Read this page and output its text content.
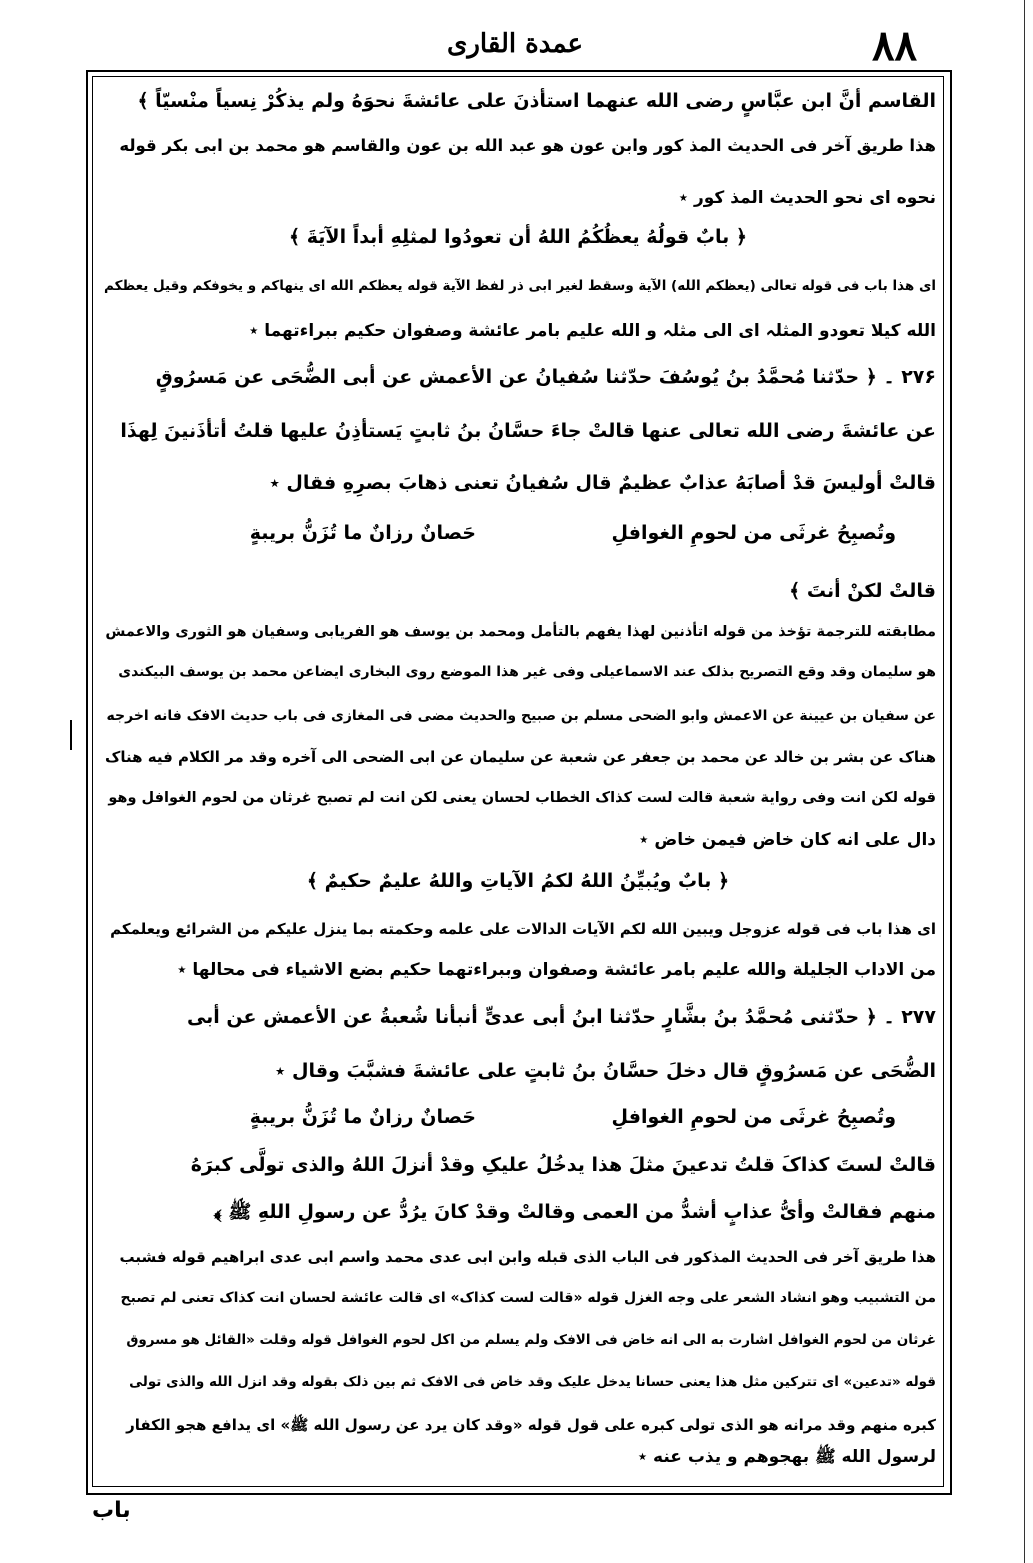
عمدة القاری	۸۸
القاسم أنَّ ابن عبَّاسٍ رضی الله عنهما استأذنَ علی عائشةَ نحوَهُ ولم یذکُرْ نِسیاً منْسیّاً ﴾
هذا طریق آخر فی الحدیث المذ کور وابن عون هو عبد الله بن عون والقاسم هو محمد بن ابی بکر قوله
نحوه ای نحو الحدیث المذ کور ٭
﴿ بابٌ قولُهُ یعظُکُمُ اللهُ أن تعودُوا لمثلِهِ أبداً الآیَةَ ﴾
ای هذا باب فی قوله تعالی (یعظکم الله) الآیة وسقط لغیر ابی ذر لفظ الآیة قوله یعظکم الله ای ینهاکم و یخوفکم وقیل یعظکم
الله کیلا تعودو المثلہ ای الی مثلہ و الله علیم بامر عائشة وصفوان حکیم ببراءتهما ٭
۲۷۶ ۔ ﴿ حدّثنا مُحمَّدُ بنُ یُوسُفَ حدّثنا سُفیانُ عن الأعمش عن أبی الضُّحَی عن مَسرُوقٍ
عن عائشةَ رضی الله تعالی عنها قالتْ جاءَ حسَّانُ بنُ ثابتٍ یَستأذِنُ علیها قلتُ أتأذَنینَ لِهذَا
قالتْ أولیسَ قدْ أصابَهُ عذابٌ عظیمٌ قال سُفیانُ تعنی ذهابَ بصرِهِ فقال ٭
حَصانٌ رزانٌ ما تُزَنُّ بریبةٍ	وتُصبِحُ غرثَی من لحومِ الغوافلِ
قالتْ لکنْ أنتَ ﴾
مطابقته للترجمة تؤخذ من قوله اتأذنین لهذا یفهم بالتأمل ومحمد بن یوسف هو الفریابی وسفیان هو الثوری والاعمش
هو سلیمان وقد وقع التصریح بذلک عند الاسماعیلی وفی غیر هذا الموضع روی البخاری ایضاعن محمد بن یوسف البیکندی
عن سفیان بن عیینة عن الاعمش وابو الضحی مسلم بن صبیح والحدیث مضی فی المغازی فی باب حدیث الافک فانه اخرجه
هناک عن بشر بن خالد عن محمد بن جعفر عن شعبة عن سلیمان عن ابی الضحی الی آخره وقد مر الکلام فیه هناک
قوله لکن انت وفی روایة شعبة قالت لست کذاک الخطاب لحسان یعنی لکن انت لم تصبح غرثان من لحوم الغوافل وهو
دال علی انه کان خاض فیمن خاض ٭
﴿ بابٌ ویُبیِّنُ اللهُ لکمُ الآیاتِ واللهُ علیمٌ حکیمٌ ﴾
ای هذا باب فی قوله عزوجل ویبین الله لکم الآیات الدالات علی علمه وحکمته بما ینزل علیکم من الشرائع ویعلمکم
من الاداب الجلیلة والله علیم بامر عائشة وصفوان وببراءتهما حکیم بضع الاشیاء فی محالها ٭
۲۷۷ ۔ ﴿ حدّثنی مُحمَّدُ بنُ بشَّارٍ حدّثنا ابنُ أبی عدیٍّ أنبأنا شُعبةُ عن الأعمش عن أبی
الضُّحَی عن مَسرُوقٍ قال دخلَ حسَّانُ بنُ ثابتٍ علی عائشةَ فشبَّبَ وقال ٭
حَصانٌ رزانٌ ما تُزَنُّ بریبةٍ	وتُصبِحُ غرثَی من لحومِ الغوافلِ
قالتْ لستَ کذاکَ قلتُ تدعینَ مثلَ هذا یدخُلُ علیکِ وقدْ أنزلَ اللهُ والذی تولَّی کبرَهُ
منهم فقالتْ وأیُّ عذابٍ أشدُّ من العمی وقالتْ وقدْ کانَ یرُدُّ عن رسولِ اللهِ ﷺ ﴾
هذا طریق آخر فی الحدیث المذکور فی الباب الذی قبله وابن ابی عدی محمد واسم ابی عدی ابراهیم قوله فشبب
من التشبیب وهو انشاد الشعر علی وجه الغزل قوله «قالت لست کذاک» ای قالت عائشة لحسان انت کذاک تعنی لم تصبح
غرثان من لحوم الغوافل اشارت به الی انه خاض فی الافک ولم یسلم من اکل لحوم الغوافل قوله وقلت «القائل هو مسروق
قوله «تدعین» ای تترکین مثل هذا یعنی حسانا یدخل علیک وقد خاض فی الافک ثم بین ذلک بقوله وقد انزل الله والذی تولی
کبره منهم وقد مرانه هو الذی تولی کبره علی قول قوله «وقد کان یرد عن رسول الله ﷺ» ای یدافع هجو الکفار
لرسول الله ﷺ بهجوهم و یذب عنه ٭
باب
